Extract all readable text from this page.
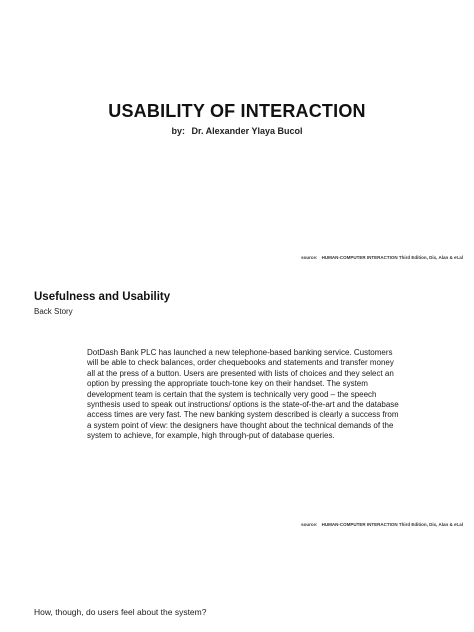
USABILITY OF INTERACTION
by: Dr. Alexander Ylaya Bucol
source: HUMAN-COMPUTER INTERACTION Third Edition, Dix, Alan & et.al
Usefulness and Usability
Back Story
DotDash Bank PLC has launched a new telephone-based banking service. Customers will be able to check balances, order chequebooks and statements and transfer money all at the press of a button. Users are presented with lists of choices and they select an option by pressing the appropriate touch-tone key on their handset. The system development team is certain that the system is technically very good – the speech synthesis used to speak out instructions/ options is the state-of-the-art and the database access times are very fast. The new banking system described is clearly a success from a system point of view: the designers have thought about the technical demands of the system to achieve, for example, high through-put of database queries.
source: HUMAN-COMPUTER INTERACTION Third Edition, Dix, Alan & et.al
How, though, do users feel about the system?
